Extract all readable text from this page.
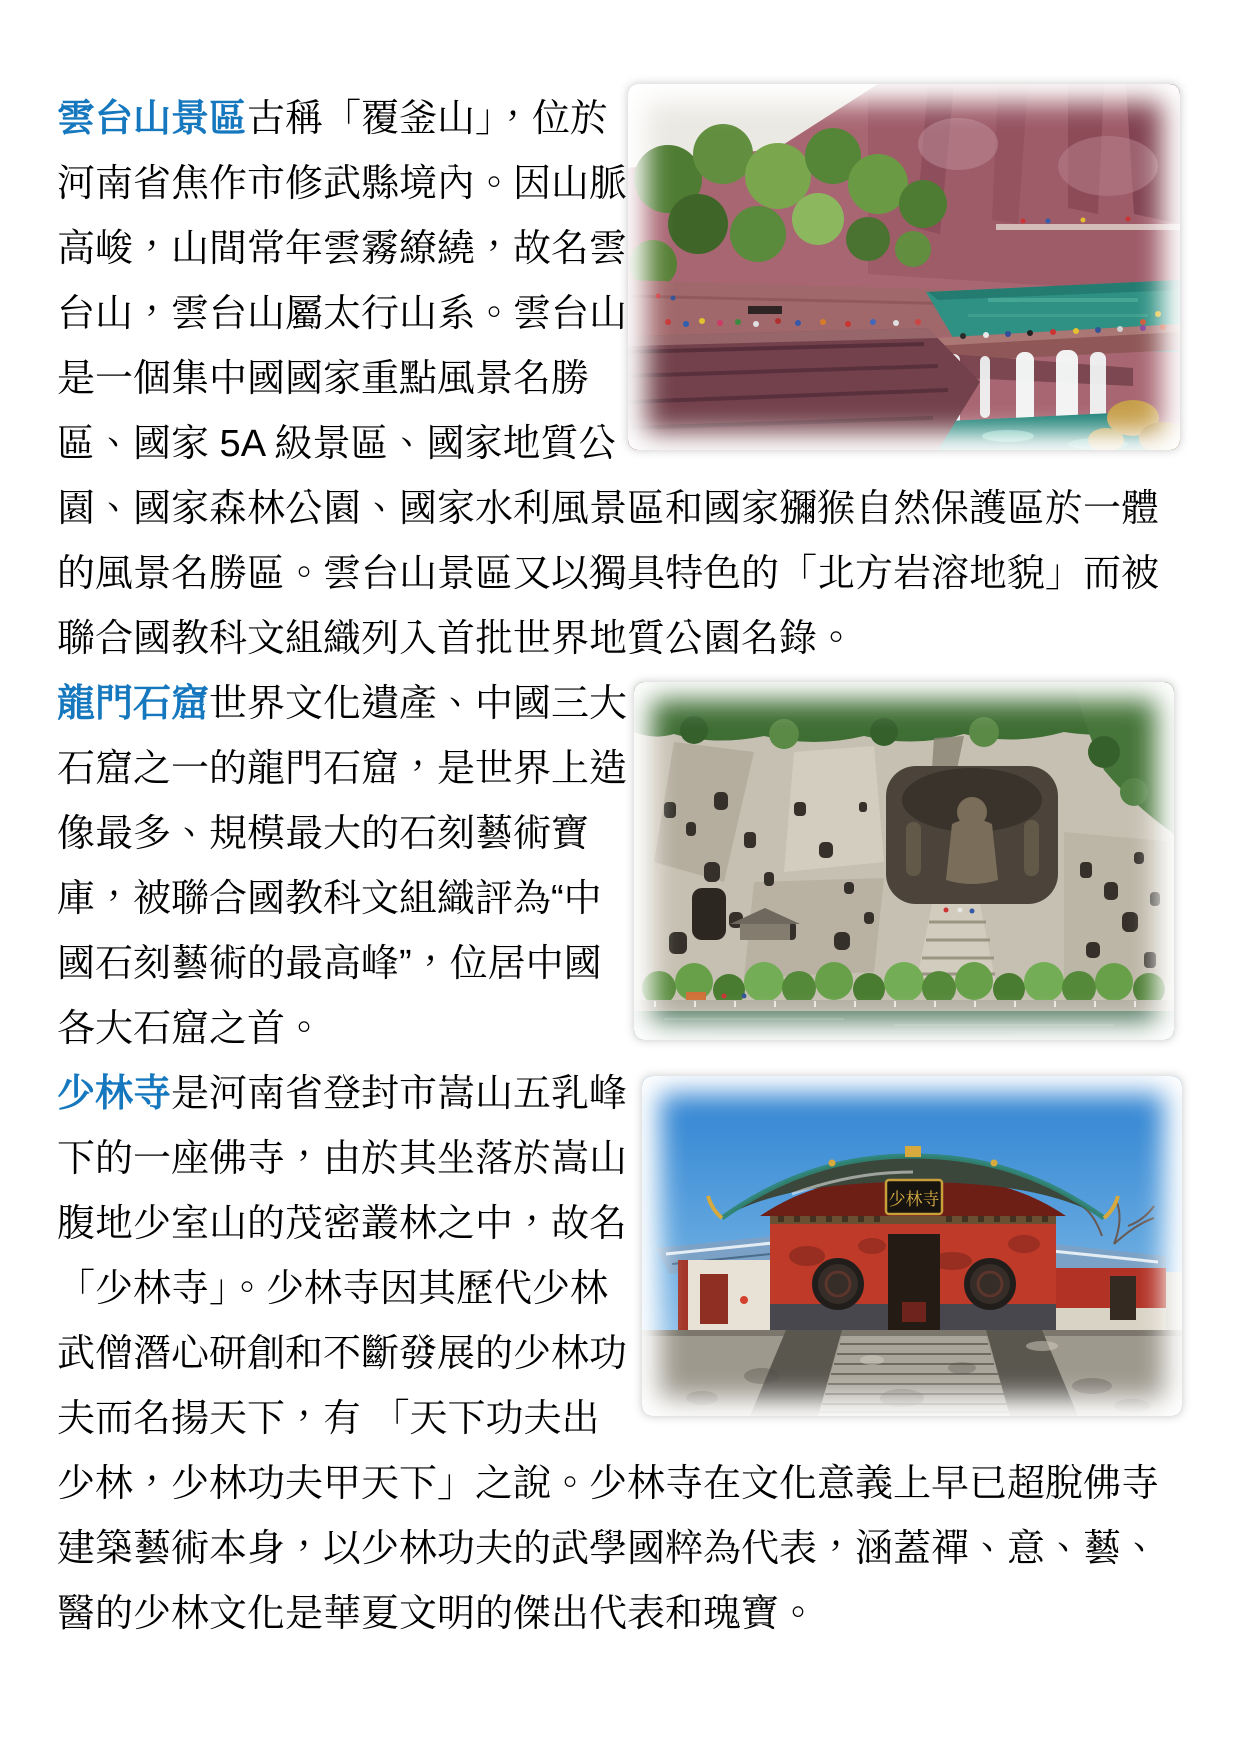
雲台山景區古稱「覆釜山」，位於
河南省焦作市修武縣境內。因山脈
高峻，山間常年雲霧繚繞，故名雲
台山，雲台山屬太行山系。雲台山
是一個集中國國家重點風景名勝
區、國家 5A 級景區、國家地質公
園、國家森林公園、國家水利風景區和國家獼猴自然保護區於一體
的風景名勝區。雲台山景區又以獨具特色的「北方岩溶地貌」而被
聯合國教科文組織列入首批世界地質公園名錄。
龍門石窟世界文化遺產、中國三大
石窟之一的龍門石窟，是世界上造
像最多、規模最大的石刻藝術寶
庫，被聯合國教科文組織評為“中
國石刻藝術的最高峰”，位居中國
各大石窟之首。
少林寺是河南省登封市嵩山五乳峰
下的一座佛寺，由於其坐落於嵩山
腹地少室山的茂密叢林之中，故名
「少林寺」。少林寺因其歷代少林
武僧潛心研創和不斷發展的少林功
夫而名揚天下，有 「天下功夫出
少林，少林功夫甲天下」之說。少林寺在文化意義上早已超脫佛寺
建築藝術本身，以少林功夫的武學國粹為代表，涵蓋禪、意、藝、
醫的少林文化是華夏文明的傑出代表和瑰寶。
少林寺
